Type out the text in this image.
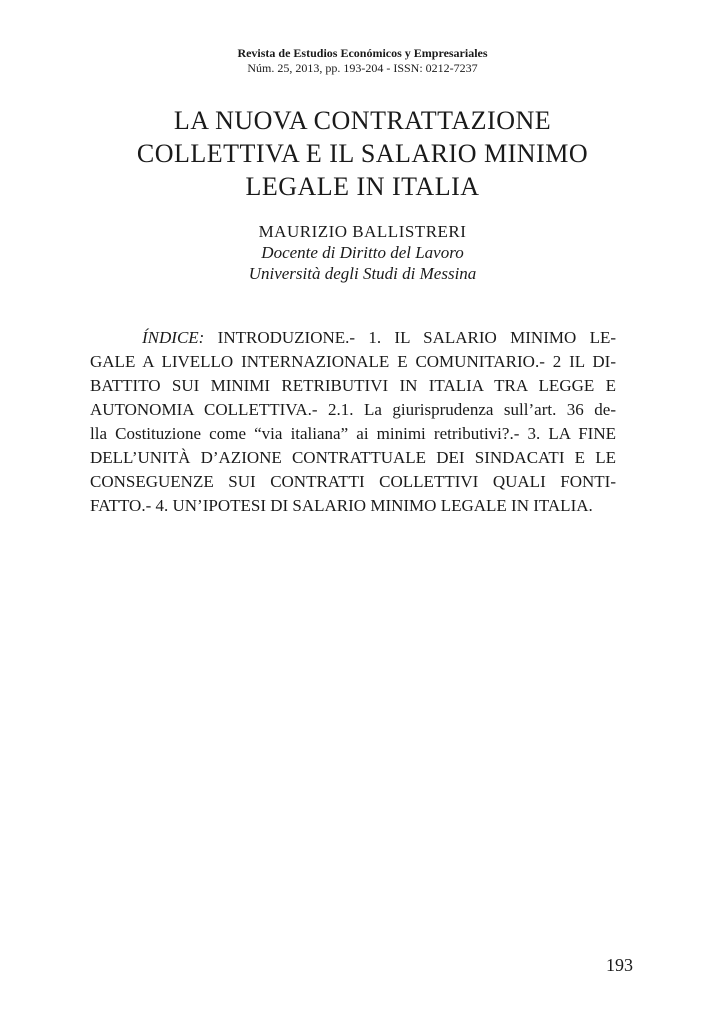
Revista de Estudios Económicos y Empresariales
Núm. 25, 2013, pp. 193-204 - ISSN: 0212-7237
LA NUOVA CONTRATTAZIONE
COLLETTIVA E IL SALARIO MINIMO
LEGALE IN ITALIA
MAURIZIO BALLISTRERI
Docente di Diritto del Lavoro
Università degli Studi di Messina
ÍNDICE: INTRODUZIONE.- 1. IL SALARIO MINIMO LE-
GALE A LIVELLO INTERNAZIONALE E COMUNITARIO.- 2 IL DI-
BATTITO SUI MINIMI RETRIBUTIVI IN ITALIA TRA LEGGE E
AUTONOMIA COLLETTIVA.- 2.1. La giurisprudenza sull’art. 36 de-
lla Costituzione come “via italiana” ai minimi retributivi?.- 3. LA FINE
DELL’UNITÀ D’AZIONE CONTRATTUALE DEI SINDACATI E LE
CONSEGUENZE SUI CONTRATTI COLLETTIVI QUALI FONTI-
FATTO.- 4. UN’IPOTESI DI SALARIO MINIMO LEGALE IN ITALIA.
193
